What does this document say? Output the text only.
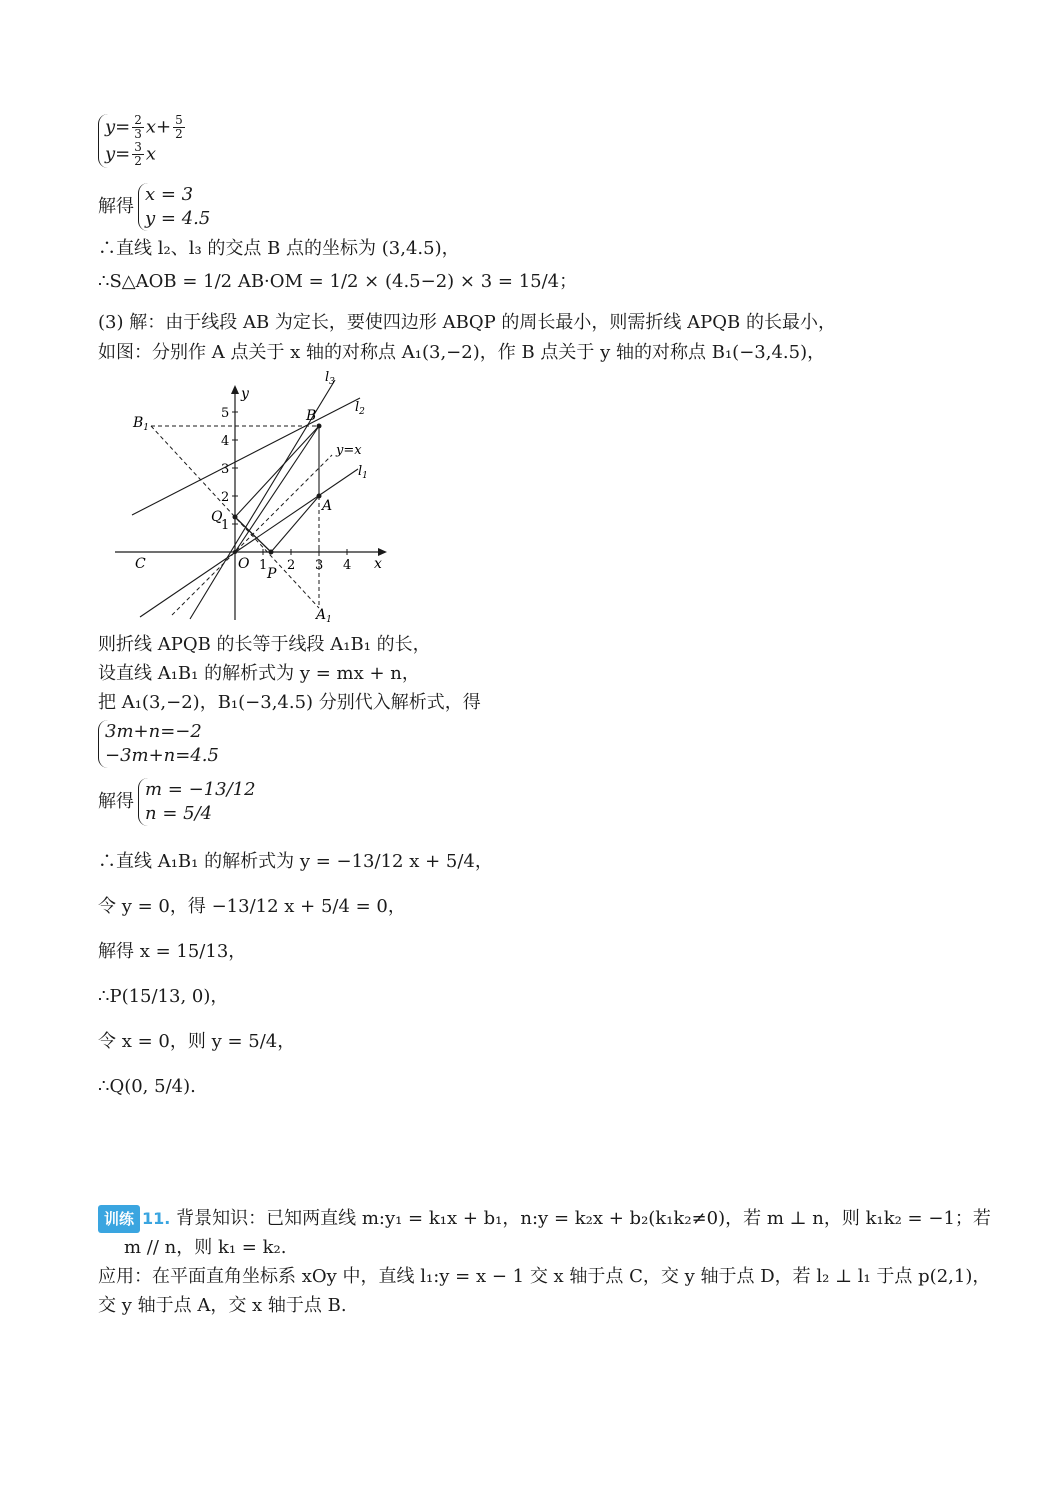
$y= \frac{2}{3} x+ \frac{5}{2}$
$y= \frac{3}{2}$ x
解得
x = 3
y = 4.5
∴直线 l₂、l₃ 的交点 B 点的坐标为 (3,4.5)，
∴S△AOB = 1/2 AB·OM = 1/2 × (4.5−2) × 3 = 15/4；
(3) 解：由于线段 AB 为定长，要使四边形 ABQP 的周长最小，则需折线 APQB 的长最小，
如图：分别作 A 点关于 x 轴的对称点 A₁(3,−2)，作 B 点关于 y 轴的对称点 B₁(−3,4.5)，
y
x
5
4
3
2
1
1 2 3 4
$l_3$
$l_2$
$l_1$
y=x
B
$B_1$
A
$A_1$
Q
O
P
C
则折线 APQB 的长等于线段 A₁B₁ 的长，
设直线 A₁B₁ 的解析式为 y = mx + n，
把 A₁(3,−2)，B₁(−3,4.5) 分别代入解析式，得
3m+n=−2
−3m+n=4.5
解得
m = −13/12
n = 5/4
∴直线 A₁B₁ 的解析式为 y = −13/12 x + 5/4，
令 y = 0，得 −13/12 x + 5/4 = 0，
解得 x = 15/13，
∴P(15/13, 0)，
令 x = 0，则 y = 5/4，
∴Q(0, 5/4).
训练 11. 背景知识：已知两直线 m:y₁ = k₁x + b₁，n:y = k₂x + b₂(k₁k₂≠0)，若 m ⊥ n，则 k₁k₂ = −1；若
m // n，则 k₁ = k₂.
应用：在平面直角坐标系 xOy 中，直线 l₁:y = x − 1 交 x 轴于点 C，交 y 轴于点 D，若 l₂ ⊥ l₁ 于点 p(2,1)，
交 y 轴于点 A，交 x 轴于点 B.
